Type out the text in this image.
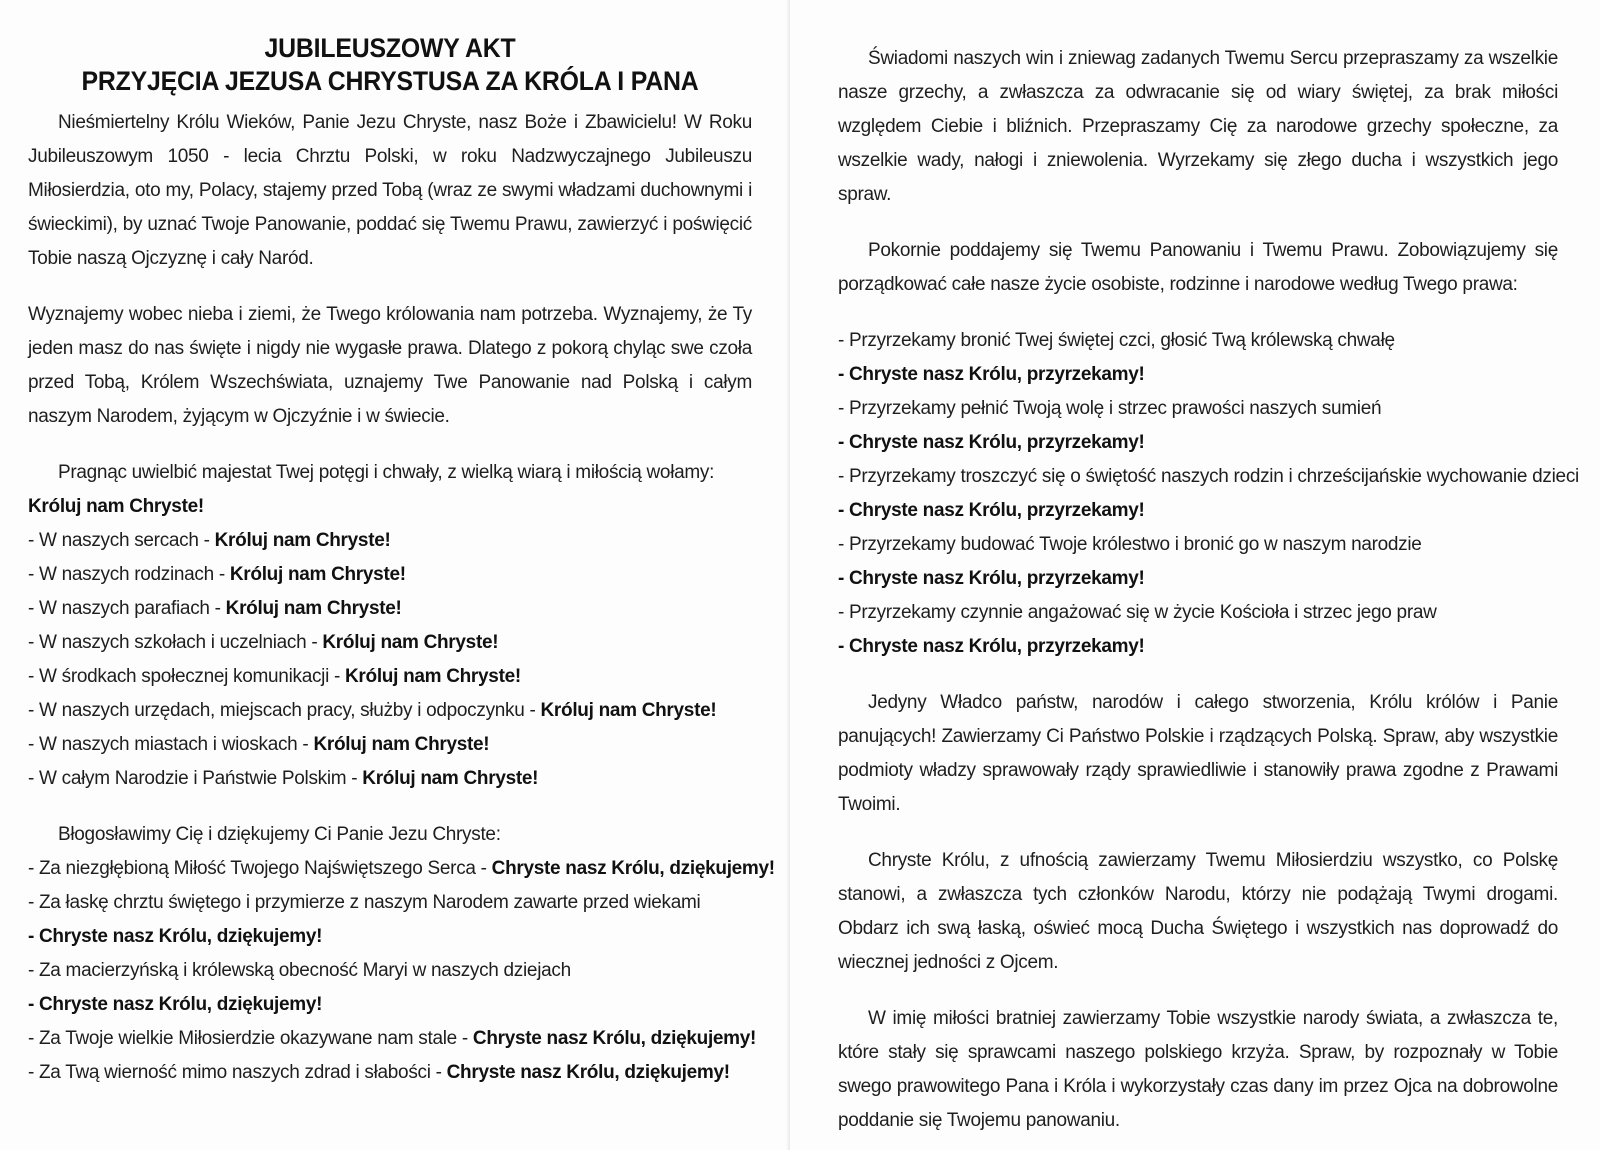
JUBILEUSZOWY AKT
PRZYJĘCIA JEZUSA CHRYSTUSA ZA KRÓLA I PANA

Nieśmiertelny Królu Wieków, Panie Jezu Chryste, nasz Boże i Zbawicielu! W Roku Jubileuszowym 1050 - lecia Chrztu Polski, w roku Nadzwyczajnego Jubileuszu Miłosierdzia, oto my, Polacy, stajemy przed Tobą (wraz ze swymi władzami duchownymi i świeckimi), by uznać Twoje Panowanie, poddać się Twemu Prawu, zawierzyć i poświęcić Tobie naszą Ojczyznę i cały Naród.

Wyznajemy wobec nieba i ziemi, że Twego królowania nam potrzeba. Wyznajemy, że Ty jeden masz do nas święte i nigdy nie wygasłe prawa. Dlatego z pokorą chyląc swe czoła przed Tobą, Królem Wszechświata, uznajemy Twe Panowanie nad Polską i całym naszym Narodem, żyjącym w Ojczyźnie i w świecie.

Pragnąc uwielbić majestat Twej potęgi i chwały, z wielką wiarą i miłością wołamy:
Króluj nam Chryste!
- W naszych sercach - Króluj nam Chryste!
- W naszych rodzinach - Króluj nam Chryste!
- W naszych parafiach - Króluj nam Chryste!
- W naszych szkołach i uczelniach - Króluj nam Chryste!
- W środkach społecznej komunikacji - Króluj nam Chryste!
- W naszych urzędach, miejscach pracy, służby i odpoczynku - Króluj nam Chryste!
- W naszych miastach i wioskach - Króluj nam Chryste!
- W całym Narodzie i Państwie Polskim - Króluj nam Chryste!
Błogosławimy Cię i dziękujemy Ci Panie Jezu Chryste:
- Za niezgłębioną Miłość Twojego Najświętszego Serca - Chryste nasz Królu, dziękujemy!
- Za łaskę chrztu świętego i przymierze z naszym Narodem zawarte przed wiekami
- Chryste nasz Królu, dziękujemy!
- Za macierzyńską i królewską obecność Maryi w naszych dziejach
- Chryste nasz Królu, dziękujemy!
- Za Twoje wielkie Miłosierdzie okazywane nam stale - Chryste nasz Królu, dziękujemy!
- Za Twą wierność mimo naszych zdrad i słabości - Chryste nasz Królu, dziękujemy!

Świadomi naszych win i zniewag zadanych Twemu Sercu przepraszamy za wszelkie nasze grzechy, a zwłaszcza za odwracanie się od wiary świętej, za brak miłości względem Ciebie i bliźnich. Przepraszamy Cię za narodowe grzechy społeczne, za wszelkie wady, nałogi i zniewolenia. Wyrzekamy się złego ducha i wszystkich jego spraw.

Pokornie poddajemy się Twemu Panowaniu i Twemu Prawu. Zobowiązujemy się porządkować całe nasze życie osobiste, rodzinne i narodowe według Twego prawa:

- Przyrzekamy bronić Twej świętej czci, głosić Twą królewską chwałę
- Chryste nasz Królu, przyrzekamy!
- Przyrzekamy pełnić Twoją wolę i strzec prawości naszych sumień
- Chryste nasz Królu, przyrzekamy!
- Przyrzekamy troszczyć się o świętość naszych rodzin i chrześcijańskie wychowanie dzieci
- Chryste nasz Królu, przyrzekamy!
- Przyrzekamy budować Twoje królestwo i bronić go w naszym narodzie
- Chryste nasz Królu, przyrzekamy!
- Przyrzekamy czynnie angażować się w życie Kościoła i strzec jego praw
- Chryste nasz Królu, przyrzekamy!

Jedyny Władco państw, narodów i całego stworzenia, Królu królów i Panie panujących! Zawierzamy Ci Państwo Polskie i rządzących Polską. Spraw, aby wszystkie podmioty władzy sprawowały rządy sprawiedliwie i stanowiły prawa zgodne z Prawami Twoimi.

Chryste Królu, z ufnością zawierzamy Twemu Miłosierdziu wszystko, co Polskę stanowi, a zwłaszcza tych członków Narodu, którzy nie podążają Twymi drogami. Obdarz ich swą łaską, oświeć mocą Ducha Świętego i wszystkich nas doprowadź do wiecznej jedności z Ojcem.

W imię miłości bratniej zawierzamy Tobie wszystkie narody świata, a zwłaszcza te, które stały się sprawcami naszego polskiego krzyża. Spraw, by rozpoznały w Tobie swego prawowitego Pana i Króla i wykorzystały czas dany im przez Ojca na dobrowolne poddanie się Twojemu panowaniu.
